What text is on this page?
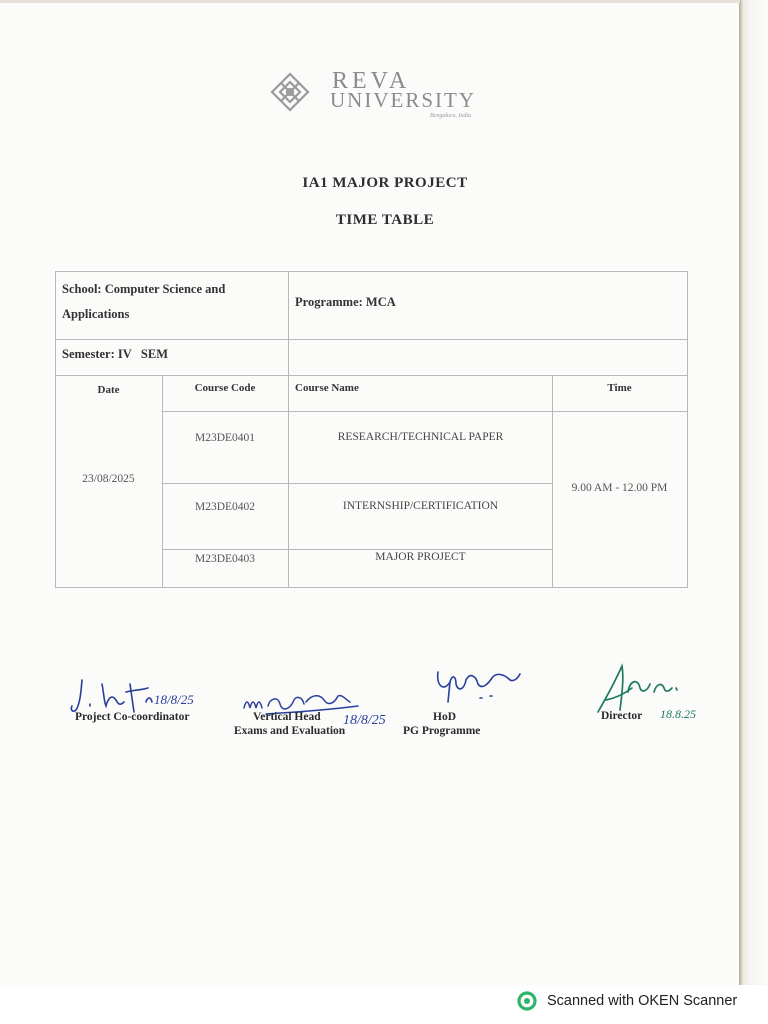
REVA
UNIVERSITY
Bengaluru, India
IA1 MAJOR PROJECT
TIME TABLE
School: Computer Science and Applications
Programme: MCA
Semester: IV   SEM
Date	Course Code	Course Name	Time
23/08/2025
9.00 AM - 12.00 PM
M23DE0401	RESEARCH/TECHNICAL PAPER
M23DE0402	INTERNSHIP/CERTIFICATION
M23DE0403	MAJOR PROJECT
18/8/25
18/8/25	18.8.25
Project Co-coordinator	Vertical Head
Exams and Evaluation
HoD
PG Programme
Director
Scanned with OKEN Scanner
